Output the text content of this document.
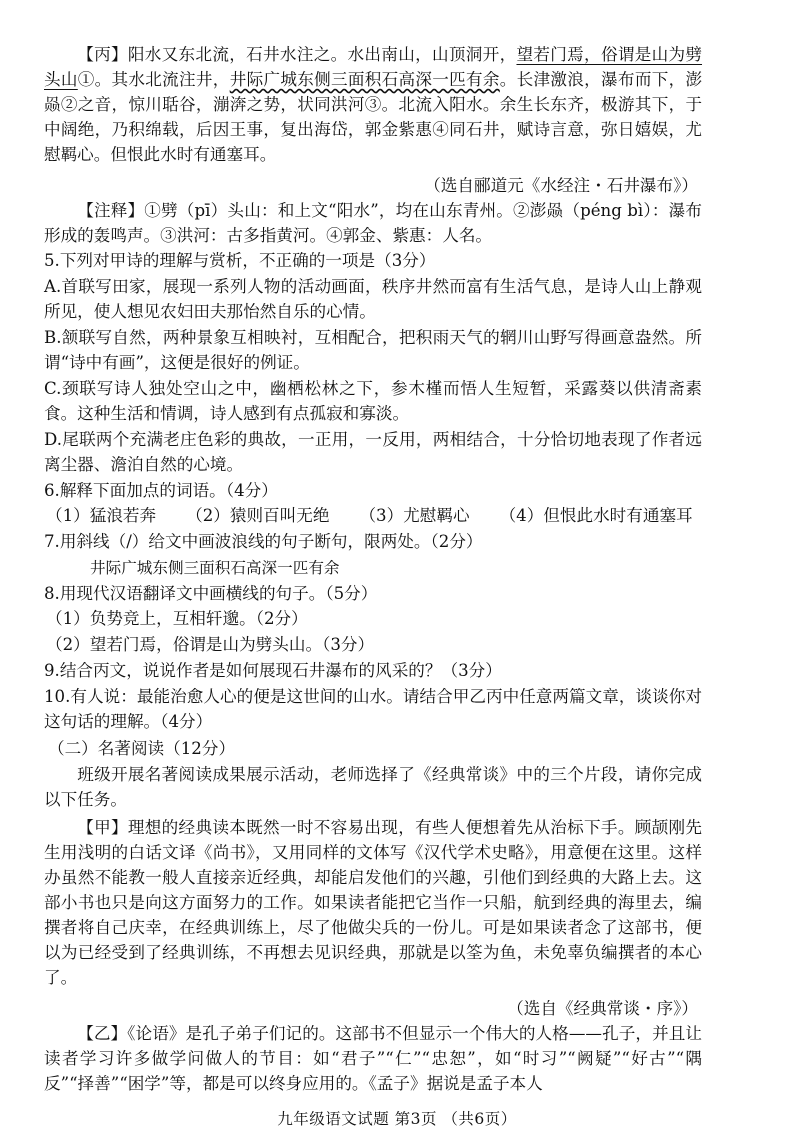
【丙】阳水又东北流，石井水注之。水出南山，山顶洞开，望若门焉，俗谓是山为劈头山①。其水北流注井，井际广城东侧三面积石高深一匹有余。长津激浪，瀑布而下，澎赑②之音，惊川聒谷，漰渀之势，状同洪河③。北流入阳水。余生长东齐，极游其下，于中阔绝，乃积绵载，后因王事，复出海岱，郭金紫惠④同石井，赋诗言意，弥日嬉娱，尤慰羁心。但恨此水时有通塞耳。

（选自郦道元《水经注・石井瀑布》）

【注释】①劈（pī）头山：和上文“阳水”，均在山东青州。②澎赑（péng bì）：瀑布形成的轰鸣声。③洪河：古多指黄河。④郭金、紫惠：人名。

5.下列对甲诗的理解与赏析，不正确的一项是（3分）

A.首联写田家，展现一系列人物的活动画面，秩序井然而富有生活气息，是诗人山上静观所见，使人想见农妇田夫那怡然自乐的心情。

B.颔联写自然，两种景象互相映衬，互相配合，把积雨天气的辋川山野写得画意盎然。所谓“诗中有画”，这便是很好的例证。

C.颈联写诗人独处空山之中，幽栖松林之下，参木槿而悟人生短暂，采露葵以供清斋素食。这种生活和情调，诗人感到有点孤寂和寡淡。

D.尾联两个充满老庄色彩的典故，一正用，一反用，两相结合，十分恰切地表现了作者远离尘器、澹泊自然的心境。

6.解释下面加点的词语。（4分）

（1）猛浪若奔 （2）猿则百叫无绝 （3）尤慰羁心 （4）但恨此水时有通塞耳

7.用斜线（/）给文中画波浪线的句子断句，限两处。（2分）

井际广城东侧三面积石高深一匹有余

8.用现代汉语翻译文中画横线的句子。（5分）

（1）负势竞上，互相轩邈。（2分）

（2）望若门焉，俗谓是山为劈头山。（3分）

9.结合丙文，说说作者是如何展现石井瀑布的风采的？（3分）

10.有人说：最能治愈人心的便是这世间的山水。请结合甲乙丙中任意两篇文章，谈谈你对这句话的理解。（4分）

（二）名著阅读（12分）

班级开展名著阅读成果展示活动，老师选择了《经典常谈》中的三个片段，请你完成以下任务。

【甲】理想的经典读本既然一时不容易出现，有些人便想着先从治标下手。顾颉刚先生用浅明的白话文译《尚书》，又用同样的文体写《汉代学术史略》，用意便在这里。这样办虽然不能教一般人直接亲近经典，却能启发他们的兴趣，引他们到经典的大路上去。这部小书也只是向这方面努力的工作。如果读者能把它当作一只船，航到经典的海里去，编撰者将自己庆幸，在经典训练上，尽了他做尖兵的一份儿。可是如果读者念了这部书，便以为已经受到了经典训练，不再想去见识经典，那就是以筌为鱼，未免辜负编撰者的本心了。

（选自《经典常谈・序》）

【乙】《论语》是孔子弟子们记的。这部书不但显示一个伟大的人格——孔子，并且让读者学习许多做学问做人的节目：如“君子”“仁”“忠恕”，如“时习”“阙疑”“好古”“隅反”“择善”“困学”等，都是可以终身应用的。《孟子》据说是孟子本人

九年级语文试题 第3页 （共6页）
